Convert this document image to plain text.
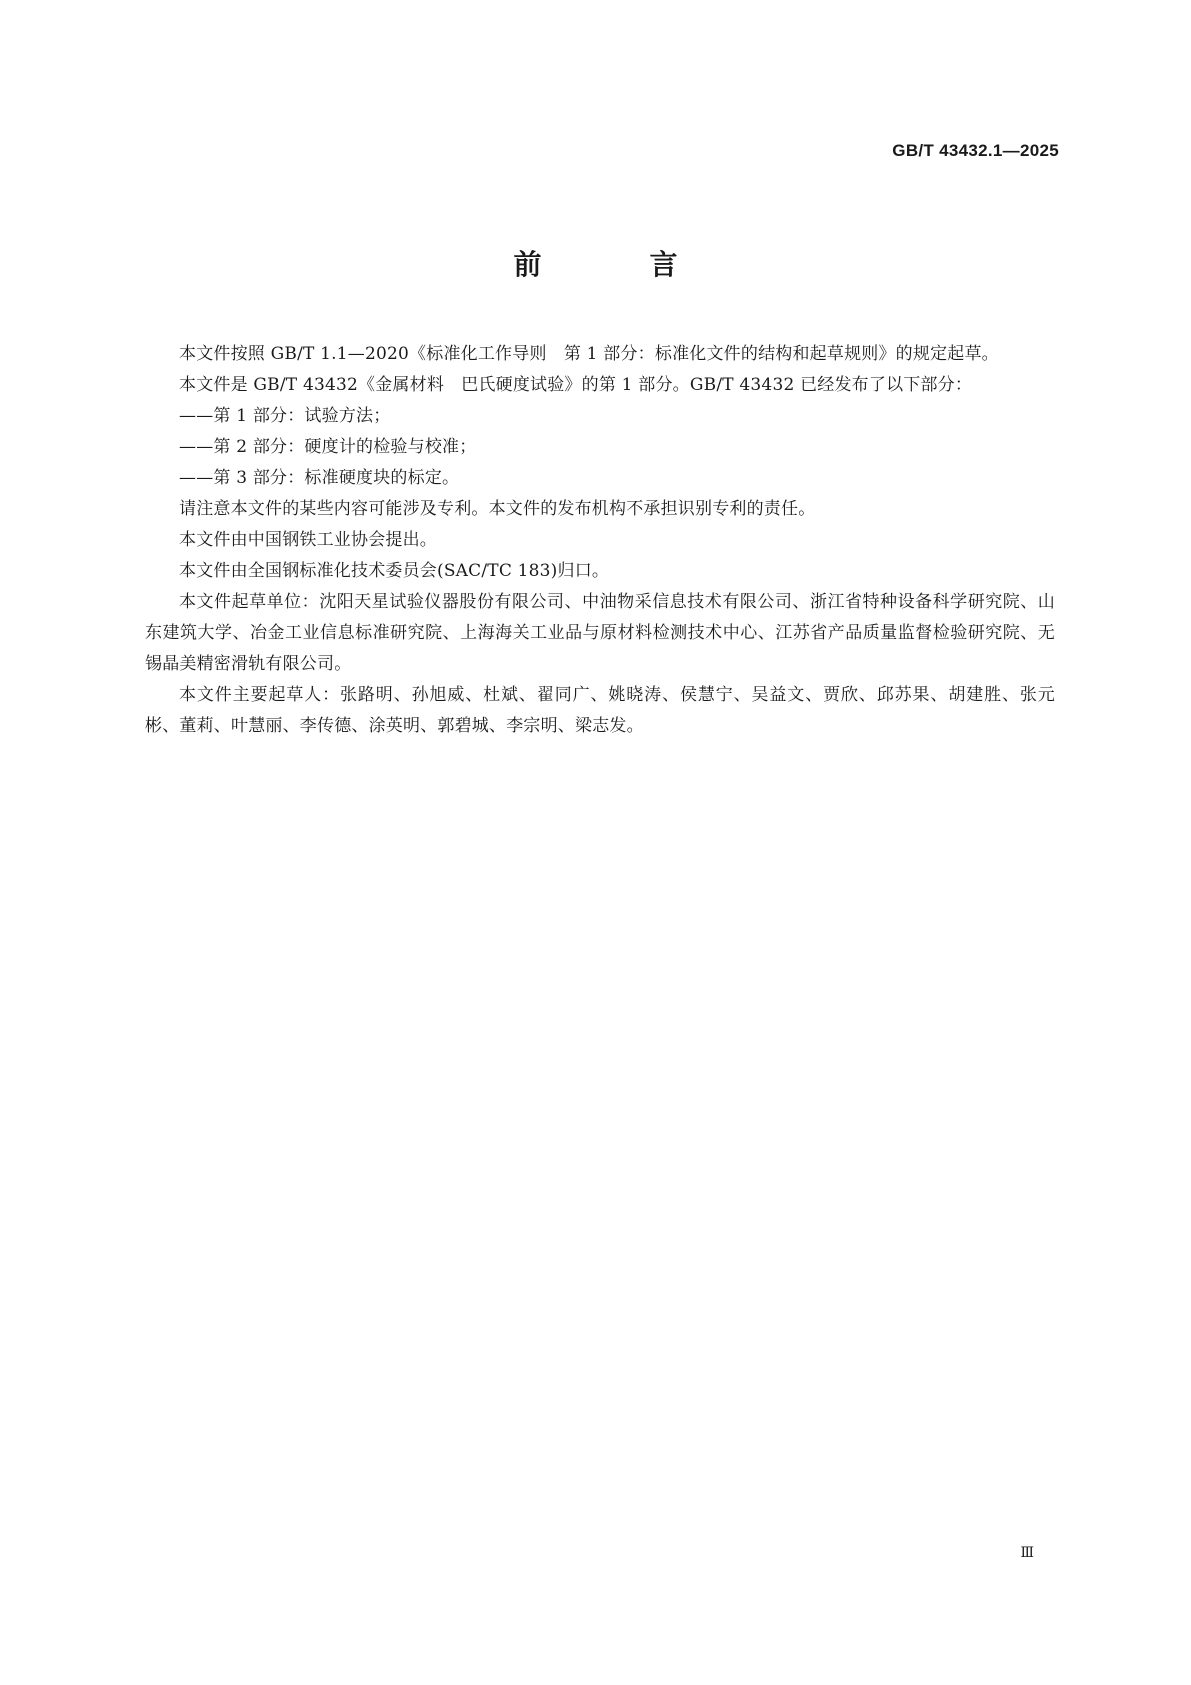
GB/T 43432.1—2025
前　言

本文件按照 GB/T 1.1—2020《标准化工作导则　第 1 部分：标准化文件的结构和起草规则》的规定起草。

本文件是 GB/T 43432《金属材料　巴氏硬度试验》的第 1 部分。GB/T 43432 已经发布了以下部分：

——第 1 部分：试验方法；

——第 2 部分：硬度计的检验与校准；

——第 3 部分：标准硬度块的标定。

请注意本文件的某些内容可能涉及专利。本文件的发布机构不承担识别专利的责任。

本文件由中国钢铁工业协会提出。

本文件由全国钢标准化技术委员会(SAC/TC 183)归口。

本文件起草单位：沈阳天星试验仪器股份有限公司、中油物采信息技术有限公司、浙江省特种设备科学研究院、山东建筑大学、冶金工业信息标准研究院、上海海关工业品与原材料检测技术中心、江苏省产品质量监督检验研究院、无锡晶美精密滑轨有限公司。

本文件主要起草人：张路明、孙旭威、杜斌、翟同广、姚晓涛、侯慧宁、吴益文、贾欣、邱苏果、胡建胜、张元彬、董莉、叶慧丽、李传德、涂英明、郭碧城、李宗明、梁志发。

Ⅲ
